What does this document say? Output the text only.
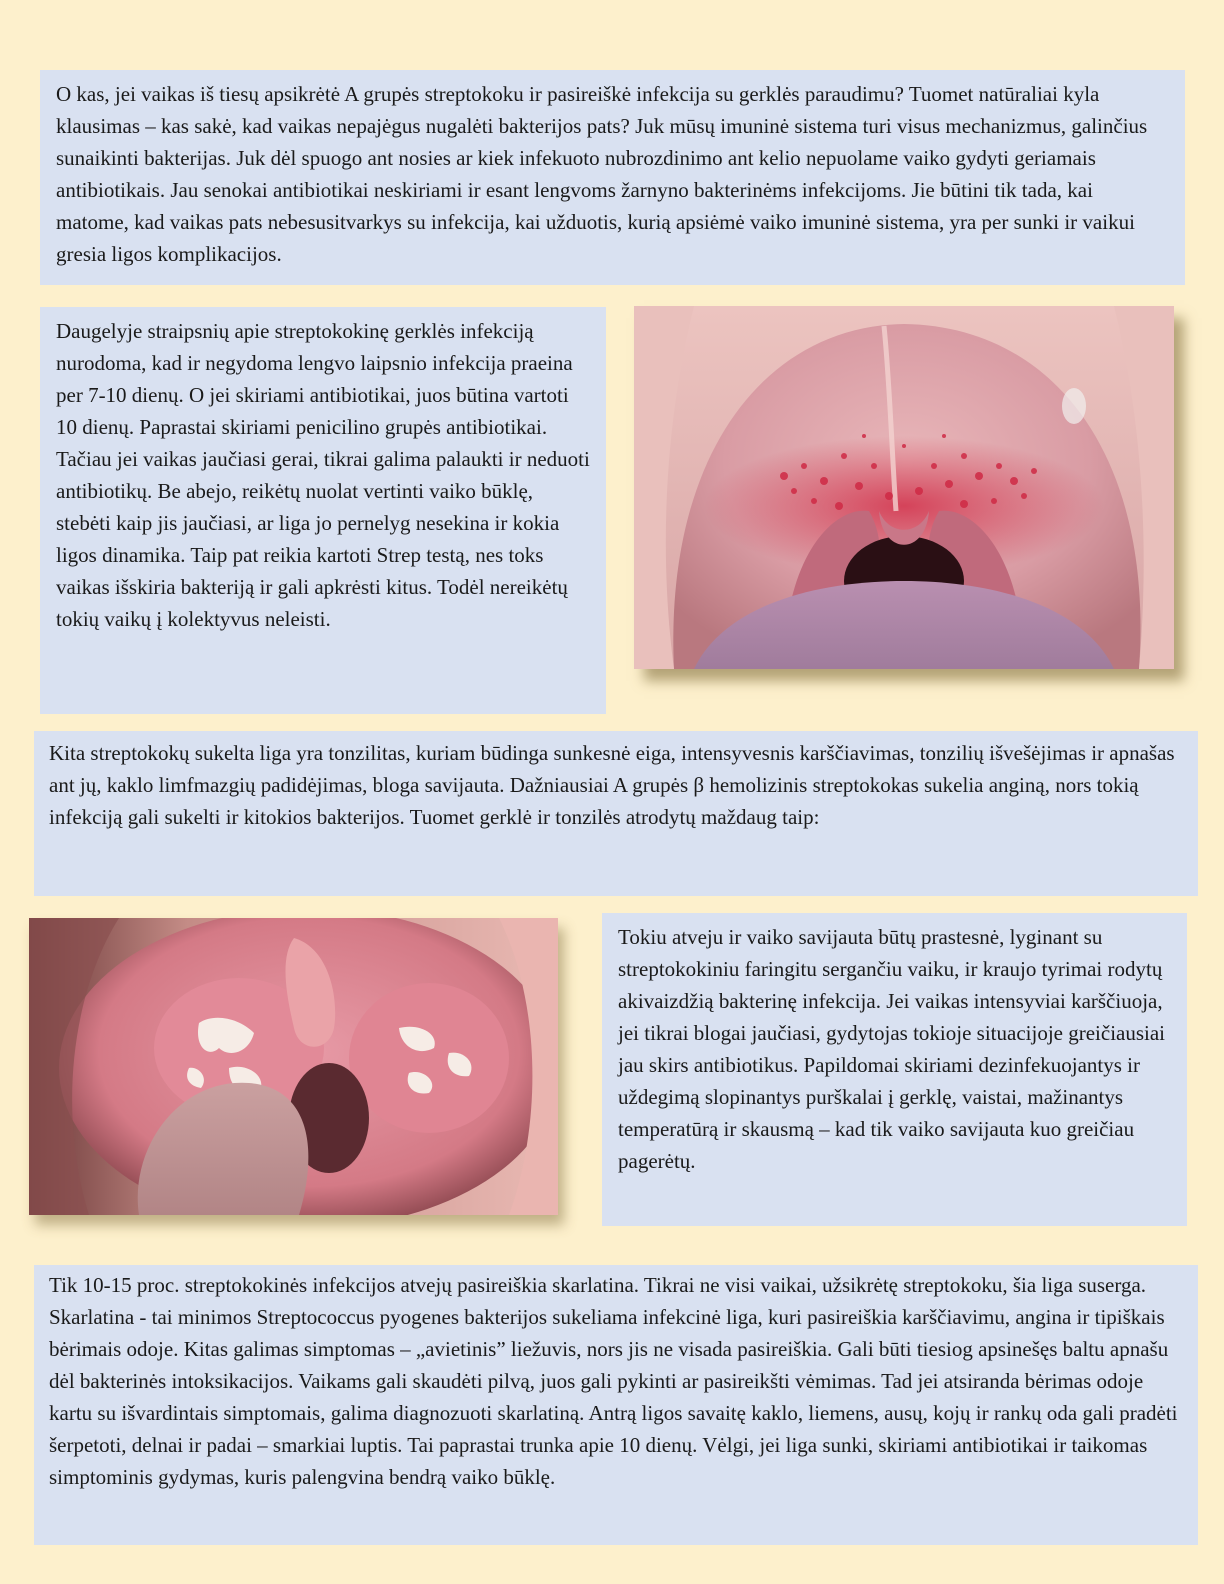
O kas, jei vaikas iš tiesų apsikrėtė A grupės streptokoku ir pasireiškė infekcija su gerklės paraudimu? Tuomet natūraliai kyla klausimas – kas sakė, kad vaikas nepajėgus nugalėti bakterijos pats? Juk mūsų imuninė sistema turi visus mechanizmus, galinčius sunaikinti bakterijas. Juk dėl spuogo ant nosies ar kiek infekuoto nubrozdinimo ant kelio nepuolame vaiko gydyti geriamais antibiotikais. Jau senokai antibiotikai neskiriami ir esant lengvoms žarnyno bakterinėms infekcijoms. Jie būtini tik tada, kai matome, kad vaikas pats nebesusitvarkys su infekcija, kai užduotis, kurią apsiėmė vaiko imuninė sistema, yra per sunki ir vaikui gresia ligos komplikacijos.

Daugelyje straipsnių apie streptokokinę gerklės infekciją nurodoma, kad ir negydoma lengvo laipsnio infekcija praeina per 7-10 dienų. O jei skiriami antibiotikai, juos būtina vartoti 10 dienų. Paprastai skiriami penicilino grupės antibiotikai. Tačiau jei vaikas jaučiasi gerai, tikrai galima palaukti ir neduoti antibiotikų. Be abejo, reikėtų nuolat vertinti vaiko būklę, stebėti kaip jis jaučiasi, ar liga jo pernelyg nesekina ir kokia ligos dinamika. Taip pat reikia kartoti Strep testą, nes toks vaikas išskiria bakteriją ir gali apkrėsti kitus. Todėl nereikėtų tokių vaikų į kolektyvus neleisti.

Kita streptokokų sukelta liga yra tonzilitas, kuriam būdinga sunkesnė eiga, intensyvesnis karščiavimas, tonzilių išvešėjimas ir apnašas ant jų, kaklo limfmazgių padidėjimas, bloga savijauta. Dažniausiai A grupės β hemolizinis streptokokas sukelia anginą, nors tokią infekciją gali sukelti ir kitokios bakterijos. Tuomet gerklė ir tonzilės atrodytų maždaug taip:

Tokiu atveju ir vaiko savijauta būtų prastesnė, lyginant su streptokokiniu faringitu sergančiu vaiku, ir kraujo tyrimai rodytų akivaizdžią bakterinę infekcija. Jei vaikas intensyviai karščiuoja, jei tikrai blogai jaučiasi, gydytojas tokioje situacijoje greičiausiai jau skirs antibiotikus. Papildomai skiriami dezinfekuojantys ir uždegimą slopinantys purškalai į gerklę, vaistai, mažinantys temperatūrą ir skausmą – kad tik vaiko savijauta kuo greičiau pagerėtų.

Tik 10-15 proc. streptokokinės infekcijos atvejų pasireiškia skarlatina. Tikrai ne visi vaikai, užsikrėtę streptokoku, šia liga suserga. Skarlatina - tai minimos Streptococcus pyogenes bakterijos sukeliama infekcinė liga, kuri pasireiškia karščiavimu, angina ir tipiškais bėrimais odoje. Kitas galimas simptomas – „avietinis” liežuvis, nors jis ne visada pasireiškia. Gali būti tiesiog apsinešęs baltu apnašu dėl bakterinės intoksikacijos. Vaikams gali skaudėti pilvą, juos gali pykinti ar pasireikšti vėmimas. Tad jei atsiranda bėrimas odoje kartu su išvardintais simptomais, galima diagnozuoti skarlatiną. Antrą ligos savaitę kaklo, liemens, ausų, kojų ir rankų oda gali pradėti šerpetoti, delnai ir padai – smarkiai luptis. Tai paprastai trunka apie 10 dienų. Vėlgi, jei liga sunki, skiriami antibiotikai ir taikomas simptominis gydymas, kuris palengvina bendrą vaiko būklę.
